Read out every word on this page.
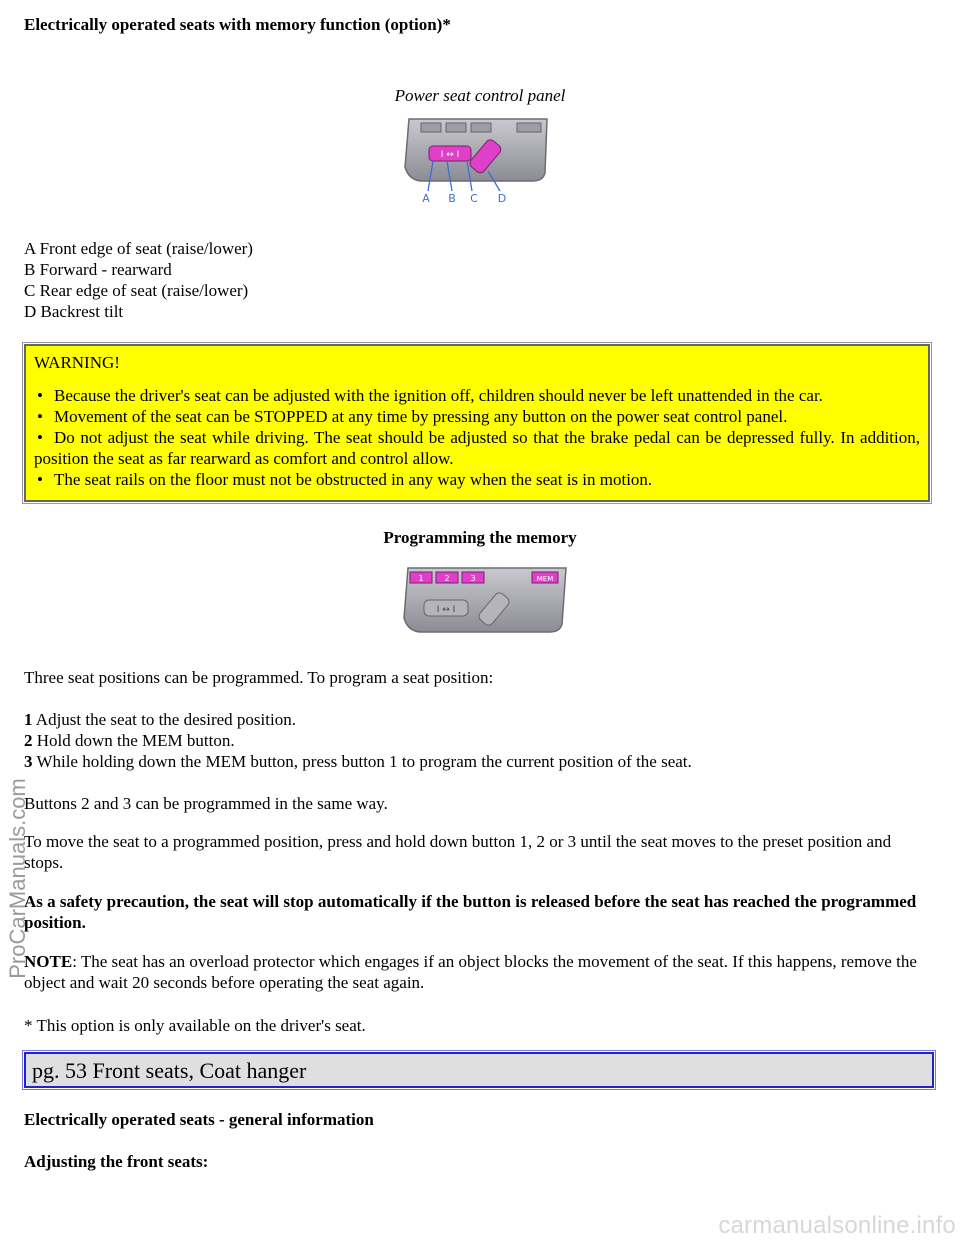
Electrically operated seats with memory function (option)*
Power seat control panel
I ↔ I
A B C D
A Front edge of seat (raise/lower)
B Forward - rearward
C Rear edge of seat (raise/lower)
D Backrest tilt
WARNING!
• Because the driver's seat can be adjusted with the ignition off, children should never be left unattended in the car.
• Movement of the seat can be STOPPED at any time by pressing any button on the power seat control panel.
• Do not adjust the seat while driving. The seat should be adjusted so that the brake pedal can be depressed fully. In addition, position the seat as far rearward as comfort and control allow.
• The seat rails on the floor must not be obstructed in any way when the seat is in motion.
Programming the memory
1	2	3	MEM
I ↔ I
Three seat positions can be programmed. To program a seat position:
1 Adjust the seat to the desired position.
2 Hold down the MEM button.
3 While holding down the MEM button, press button 1 to program the current position of the seat.
Buttons 2 and 3 can be programmed in the same way.
To move the seat to a programmed position, press and hold down button 1, 2 or 3 until the seat moves to the preset position and stops.
As a safety precaution, the seat will stop automatically if the button is released before the seat has reached the programmed position.
NOTE: The seat has an overload protector which engages if an object blocks the movement of the seat. If this happens, remove the object and wait 20 seconds before operating the seat again.
* This option is only available on the driver's seat.
pg. 53 Front seats, Coat hanger
Electrically operated seats - general information
Adjusting the front seats:
ProCarManuals.com
carmanualsonline.info
